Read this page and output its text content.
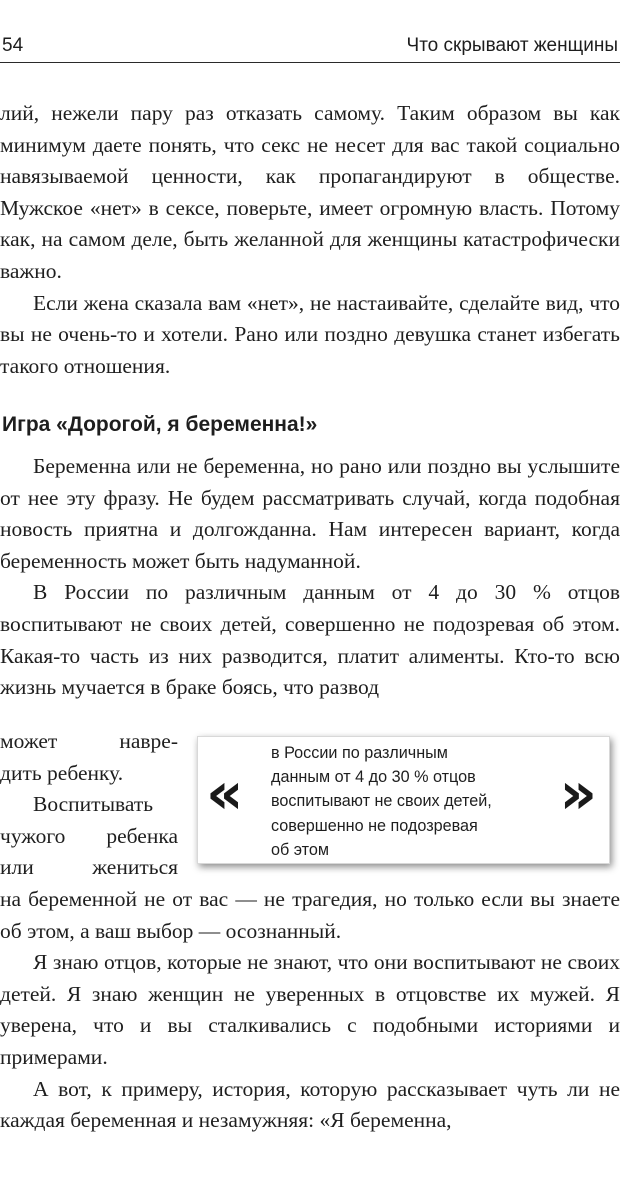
54	Что скрывают женщины

лий, нежели пару раз отказать самому. Таким образом вы как минимум даете понять, что секс не несет для вас такой социально навязываемой ценности, как пропагандируют в обществе. Мужское «нет» в сексе, поверьте, имеет огромную власть. Потому как, на самом деле, быть желанной для женщины катастрофически важно.

Если жена сказала вам «нет», не настаивайте, сделайте вид, что вы не очень-то и хотели. Рано или поздно девушка станет избегать такого отношения.

Игра «Дорогой, я беременна!»

Беременна или не беременна, но рано или поздно вы услышите от нее эту фразу. Не будем рассматривать случай, когда подобная новость приятна и долгожданна. Нам интересен вариант, когда беременность может быть надуманной.

В России по различным данным от 4 до 30 % отцов воспитывают не своих детей, совершенно не подозревая об этом. Какая-то часть из них разводится, платит алименты. Кто-то всю жизнь мучается в браке боясь, что развод

может навре-

дить ребенку.

Воспитывать

чужого ребенка

или жениться

«
в России по различным
данным от 4 до 30 % отцов
воспитывают не своих детей,
совершенно не подозревая
об этом
»

на беременной не от вас — не трагедия, но только если вы знаете об этом, а ваш выбор — осознанный.

Я знаю отцов, которые не знают, что они воспитывают не своих детей. Я знаю женщин не уверенных в отцовстве их мужей. Я уверена, что и вы сталкивались с подобными историями и примерами.

А вот, к примеру, история, которую рассказывает чуть ли не каждая беременная и незамужняя: «Я беременна,
